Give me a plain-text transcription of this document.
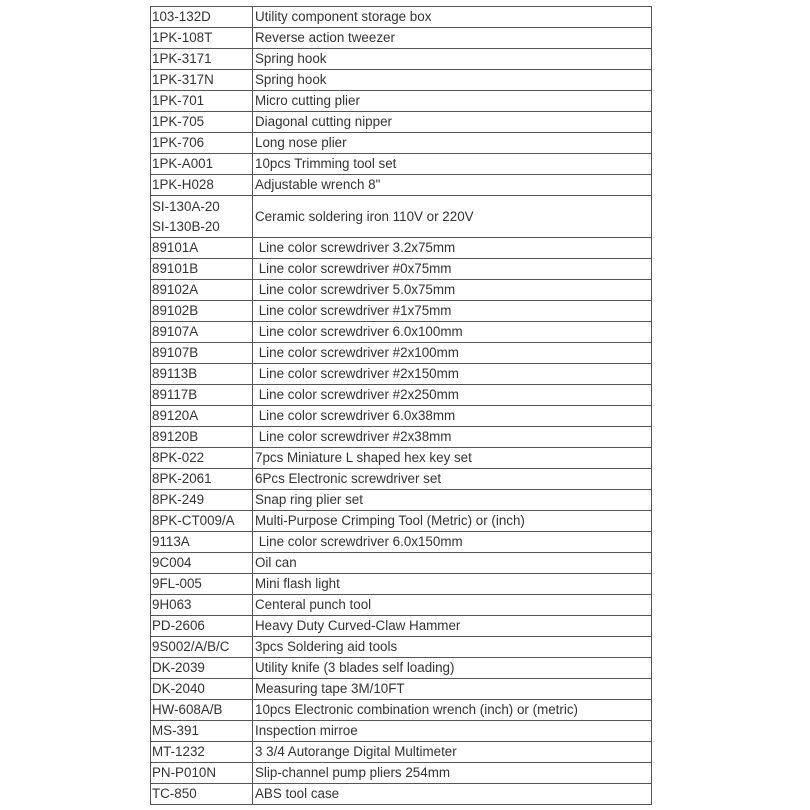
103-132D	Utility component storage box

1PK-108T	Reverse action tweezer

1PK-3171	Spring hook

1PK-317N	Spring hook

1PK-701	Micro cutting plier

1PK-705	Diagonal cutting nipper

1PK-706	Long nose plier

1PK-A001	10pcs Trimming tool set

1PK-H028	Adjustable wrench 8"

SI-130A-20
SI-130B-20	Ceramic soldering iron 110V or 220V

89101A	Line color screwdriver 3.2x75mm

89101B	Line color screwdriver #0x75mm

89102A	Line color screwdriver 5.0x75mm

89102B	Line color screwdriver #1x75mm

89107A	Line color screwdriver 6.0x100mm

89107B	Line color screwdriver #2x100mm

89113B	Line color screwdriver #2x150mm

89117B	Line color screwdriver #2x250mm

89120A	Line color screwdriver 6.0x38mm

89120B	Line color screwdriver #2x38mm

8PK-022	7pcs Miniature L shaped hex key set

8PK-2061	6Pcs Electronic screwdriver set

8PK-249	Snap ring plier set

8PK-CT009/A	Multi-Purpose Crimping Tool (Metric) or (inch)

9113A	Line color screwdriver 6.0x150mm

9C004	Oil can

9FL-005	Mini flash light

9H063	Centeral punch tool

PD-2606	Heavy Duty Curved-Claw Hammer

9S002/A/B/C	3pcs Soldering aid tools

DK-2039	Utility knife (3 blades self loading)

DK-2040	Measuring tape 3M/10FT

HW-608A/B	10pcs Electronic combination wrench (inch) or (metric)

MS-391	Inspection mirroe

MT-1232	3 3/4 Autorange Digital Multimeter

PN-P010N	Slip-channel pump pliers 254mm

TC-850	ABS tool case
